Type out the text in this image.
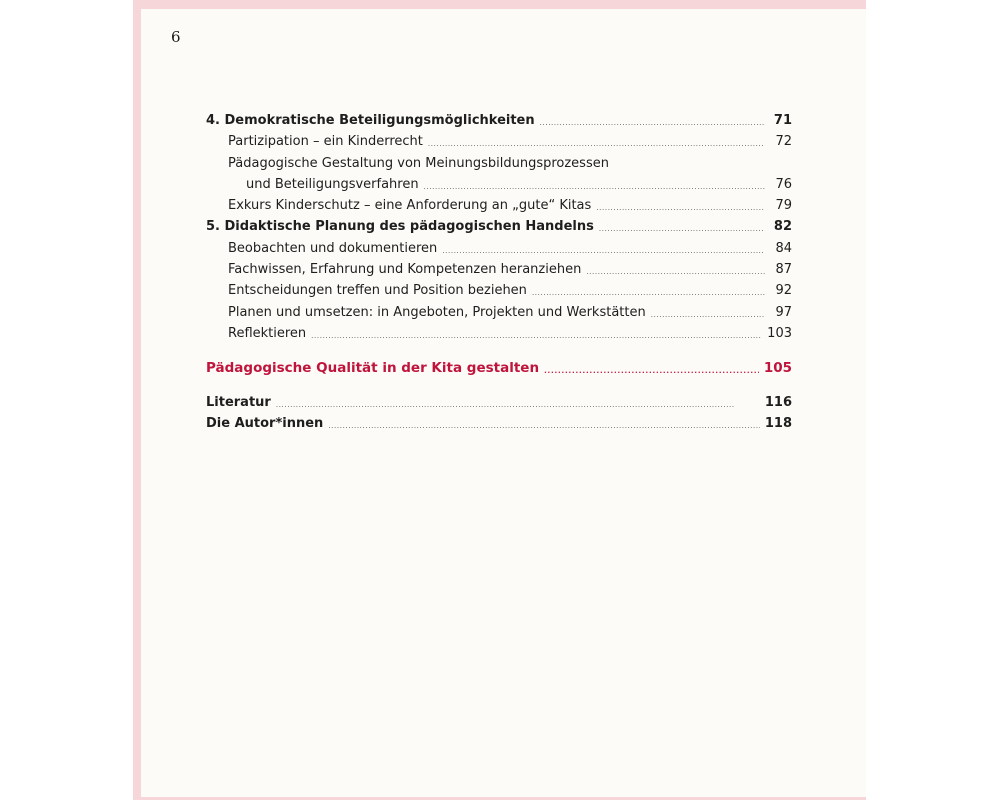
6
4. Demokratische Beteiligungsmöglichkeiten . . .	71
Partizipation – ein Kinderrecht . . .	72
Pädagogische Gestaltung von Meinungsbildungsprozessen
und Beteiligungsverfahren . . .	76
Exkurs Kinderschutz – eine Anforderung an „gute“ Kitas . . .	79
5. Didaktische Planung des pädagogischen Handelns . . .	82
Beobachten und dokumentieren . . .	84
Fachwissen, Erfahrung und Kompetenzen heranziehen . . .	87
Entscheidungen treffen und Position beziehen . . .	92
Planen und umsetzen: in Angeboten, Projekten und Werkstätten . . .	97
Reflektieren . . .	103
Pädagogische Qualität in der Kita gestalten . . .	105
Literatur . . .	116
Die Autor*innen . . .	118
